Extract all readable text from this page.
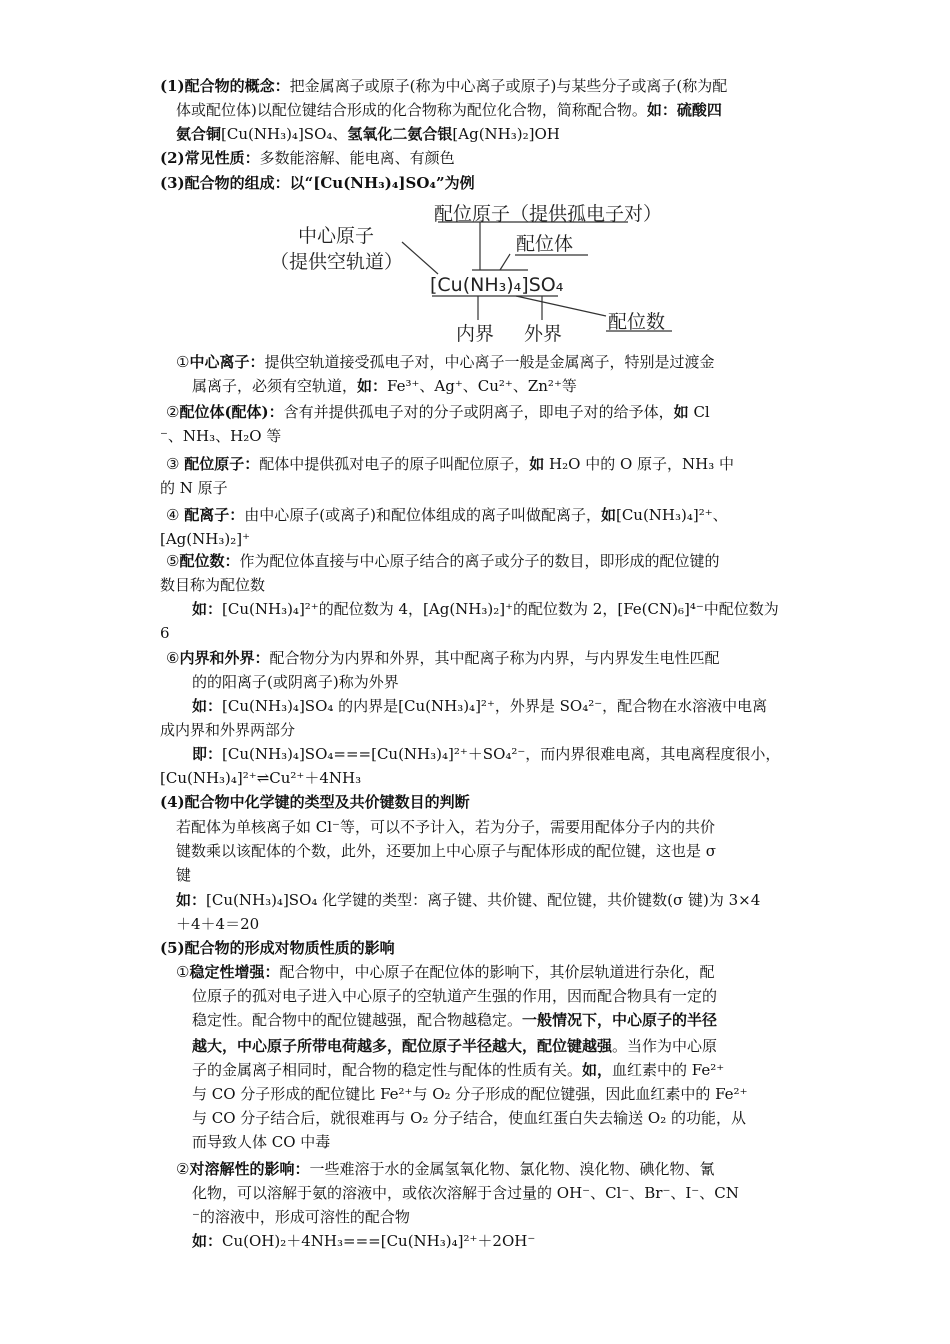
(1)配合物的概念：把金属离子或原子(称为中心离子或原子)与某些分子或离子(称为配
体或配位体)以配位键结合形成的化合物称为配位化合物，简称配合物。如：硫酸四
氨合铜[Cu(NH₃)₄]SO₄、氢氧化二氨合银[Ag(NH₃)₂]OH
(2)常见性质：多数能溶解、能电离、有颜色
(3)配合物的组成：以“[Cu(NH₃)₄]SO₄”为例
①中心离子：提供空轨道接受孤电子对，中心离子一般是金属离子，特别是过渡金
属离子，必须有空轨道，如：Fe³⁺、Ag⁺、Cu²⁺、Zn²⁺等
②配位体(配体)：含有并提供孤电子对的分子或阴离子，即电子对的给予体，如 Cl
⁻、NH₃、H₂O 等
③ 配位原子：配体中提供孤对电子的原子叫配位原子，如 H₂O 中的 O 原子，NH₃ 中
的 N 原子
④ 配离子：由中心原子(或离子)和配位体组成的离子叫做配离子，如[Cu(NH₃)₄]²⁺、
[Ag(NH₃)₂]⁺
⑤配位数：作为配位体直接与中心原子结合的离子或分子的数目，即形成的配位键的
数目称为配位数
如：[Cu(NH₃)₄]²⁺的配位数为 4，[Ag(NH₃)₂]⁺的配位数为 2，[Fe(CN)₆]⁴⁻中配位数为
6
⑥内界和外界：配合物分为内界和外界，其中配离子称为内界，与内界发生电性匹配
的的阳离子(或阴离子)称为外界
如：[Cu(NH₃)₄]SO₄ 的内界是[Cu(NH₃)₄]²⁺，外界是 SO₄²⁻，配合物在水溶液中电离
成内界和外界两部分
即：[Cu(NH₃)₄]SO₄===[Cu(NH₃)₄]²⁺＋SO₄²⁻，而内界很难电离，其电离程度很小，
[Cu(NH₃)₄]²⁺⇌Cu²⁺＋4NH₃
(4)配合物中化学键的类型及共价键数目的判断
若配体为单核离子如 Cl⁻等，可以不予计入，若为分子，需要用配体分子内的共价
键数乘以该配体的个数，此外，还要加上中心原子与配体形成的配位键，这也是 σ
键
如：[Cu(NH₃)₄]SO₄ 化学键的类型：离子键、共价键、配位键，共价键数(σ 键)为 3×4
＋4＋4＝20
(5)配合物的形成对物质性质的影响
①稳定性增强：配合物中，中心原子在配位体的影响下，其价层轨道进行杂化，配
位原子的孤对电子进入中心原子的空轨道产生强的作用，因而配合物具有一定的
稳定性。配合物中的配位键越强，配合物越稳定。一般情况下，中心原子的半径
越大，中心原子所带电荷越多，配位原子半径越大，配位键越强。当作为中心原
子的金属离子相同时，配合物的稳定性与配体的性质有关。如，血红素中的 Fe²⁺
与 CO 分子形成的配位键比 Fe²⁺与 O₂ 分子形成的配位键强，因此血红素中的 Fe²⁺
与 CO 分子结合后，就很难再与 O₂ 分子结合，使血红蛋白失去输送 O₂ 的功能，从
而导致人体 CO 中毒
②对溶解性的影响：一些难溶于水的金属氢氧化物、氯化物、溴化物、碘化物、氰
化物，可以溶解于氨的溶液中，或依次溶解于含过量的 OH⁻、Cl⁻、Br⁻、I⁻、CN
⁻的溶液中，形成可溶性的配合物
如：Cu(OH)₂＋4NH₃===[Cu(NH₃)₄]²⁺＋2OH⁻
配位原子（提供孤电子对）
中心原子
（提供空轨道）
配位体
[Cu(NH₃)₄]SO₄
内界 外界
配位数
